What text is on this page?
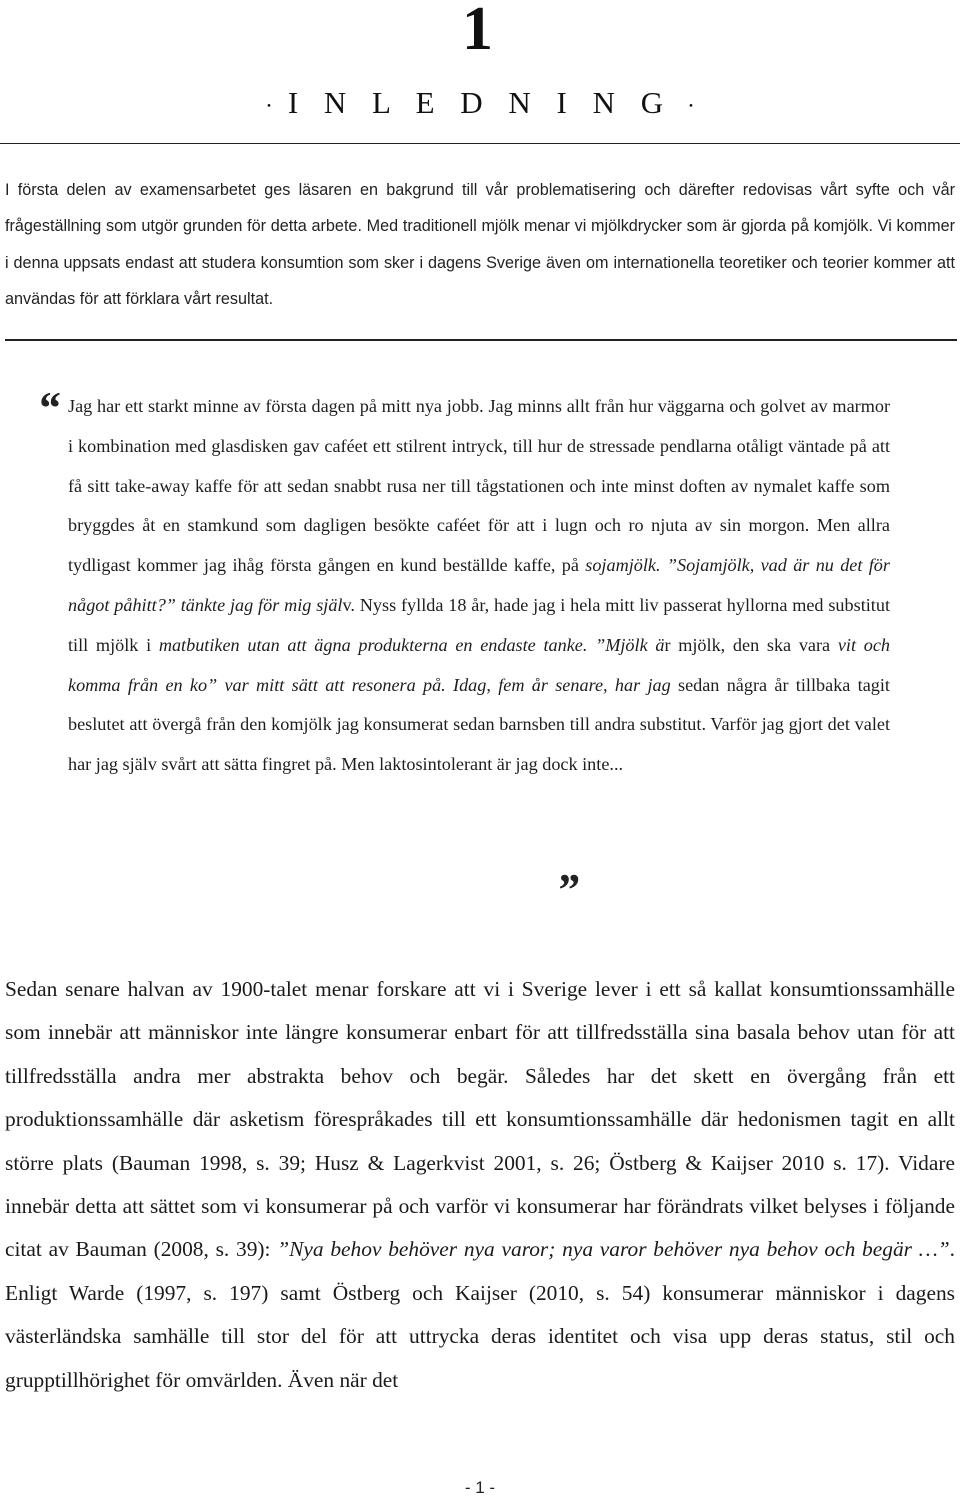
1
• I N L E D N I N G •

I första delen av examensarbetet ges läsaren en bakgrund till vår problematisering och därefter redovisas vårt syfte och vår frågeställning som utgör grunden för detta arbete. Med traditionell mjölk menar vi mjölkdrycker som är gjorda på komjölk. Vi kommer i denna uppsats endast att studera konsumtion som sker i dagens Sverige även om internationella teoretiker och teorier kommer att användas för att förklara vårt resultat.

“ Jag har ett starkt minne av första dagen på mitt nya jobb. Jag minns allt från hur väggarna och golvet av marmor i kombination med glasdisken gav caféet ett stilrent intryck, till hur de stressade pendlarna otåligt väntade på att få sitt take-away kaffe för att sedan snabbt rusa ner till tågstationen och inte minst doften av nymalet kaffe som bryggdes åt en stamkund som dagligen besökte caféet för att i lugn och ro njuta av sin morgon. Men allra tydligast kommer jag ihåg första gången en kund beställde kaffe, på sojamjölk. ”Sojamjölk, vad är nu det för något påhitt?” tänkte jag för mig själv. Nyss fyllda 18 år, hade jag i hela mitt liv passerat hyllorna med substitut till mjölk i matbutiken utan att ägna produkterna en endaste tanke. ”Mjölk är mjölk, den ska vara vit och komma från en ko” var mitt sätt att resonera på. Idag, fem år senare, har jag sedan några år tillbaka tagit beslutet att övergå från den komjölk jag konsumerat sedan barnsben till andra substitut. Varför jag gjort det valet har jag själv svårt att sätta fingret på. Men laktosintolerant är jag dock inte...

”

Sedan senare halvan av 1900-talet menar forskare att vi i Sverige lever i ett så kallat konsumtionssamhälle som innebär att människor inte längre konsumerar enbart för att tillfredsställa sina basala behov utan för att tillfredsställa andra mer abstrakta behov och begär. Således har det skett en övergång från ett produktionssamhälle där asketism förespråkades till ett konsumtionssamhälle där hedonismen tagit en allt större plats (Bauman 1998, s. 39; Husz & Lagerkvist 2001, s. 26; Östberg & Kaijser 2010 s. 17). Vidare innebär detta att sättet som vi konsumerar på och varför vi konsumerar har förändrats vilket belyses i följande citat av Bauman (2008, s. 39): ”Nya behov behöver nya varor; nya varor behöver nya behov och begär …”. Enligt Warde (1997, s. 197) samt Östberg och Kaijser (2010, s. 54) konsumerar människor i dagens västerländska samhälle till stor del för att uttrycka deras identitet och visa upp deras status, stil och grupptillhörighet för omvärlden. Även när det

- 1 -
